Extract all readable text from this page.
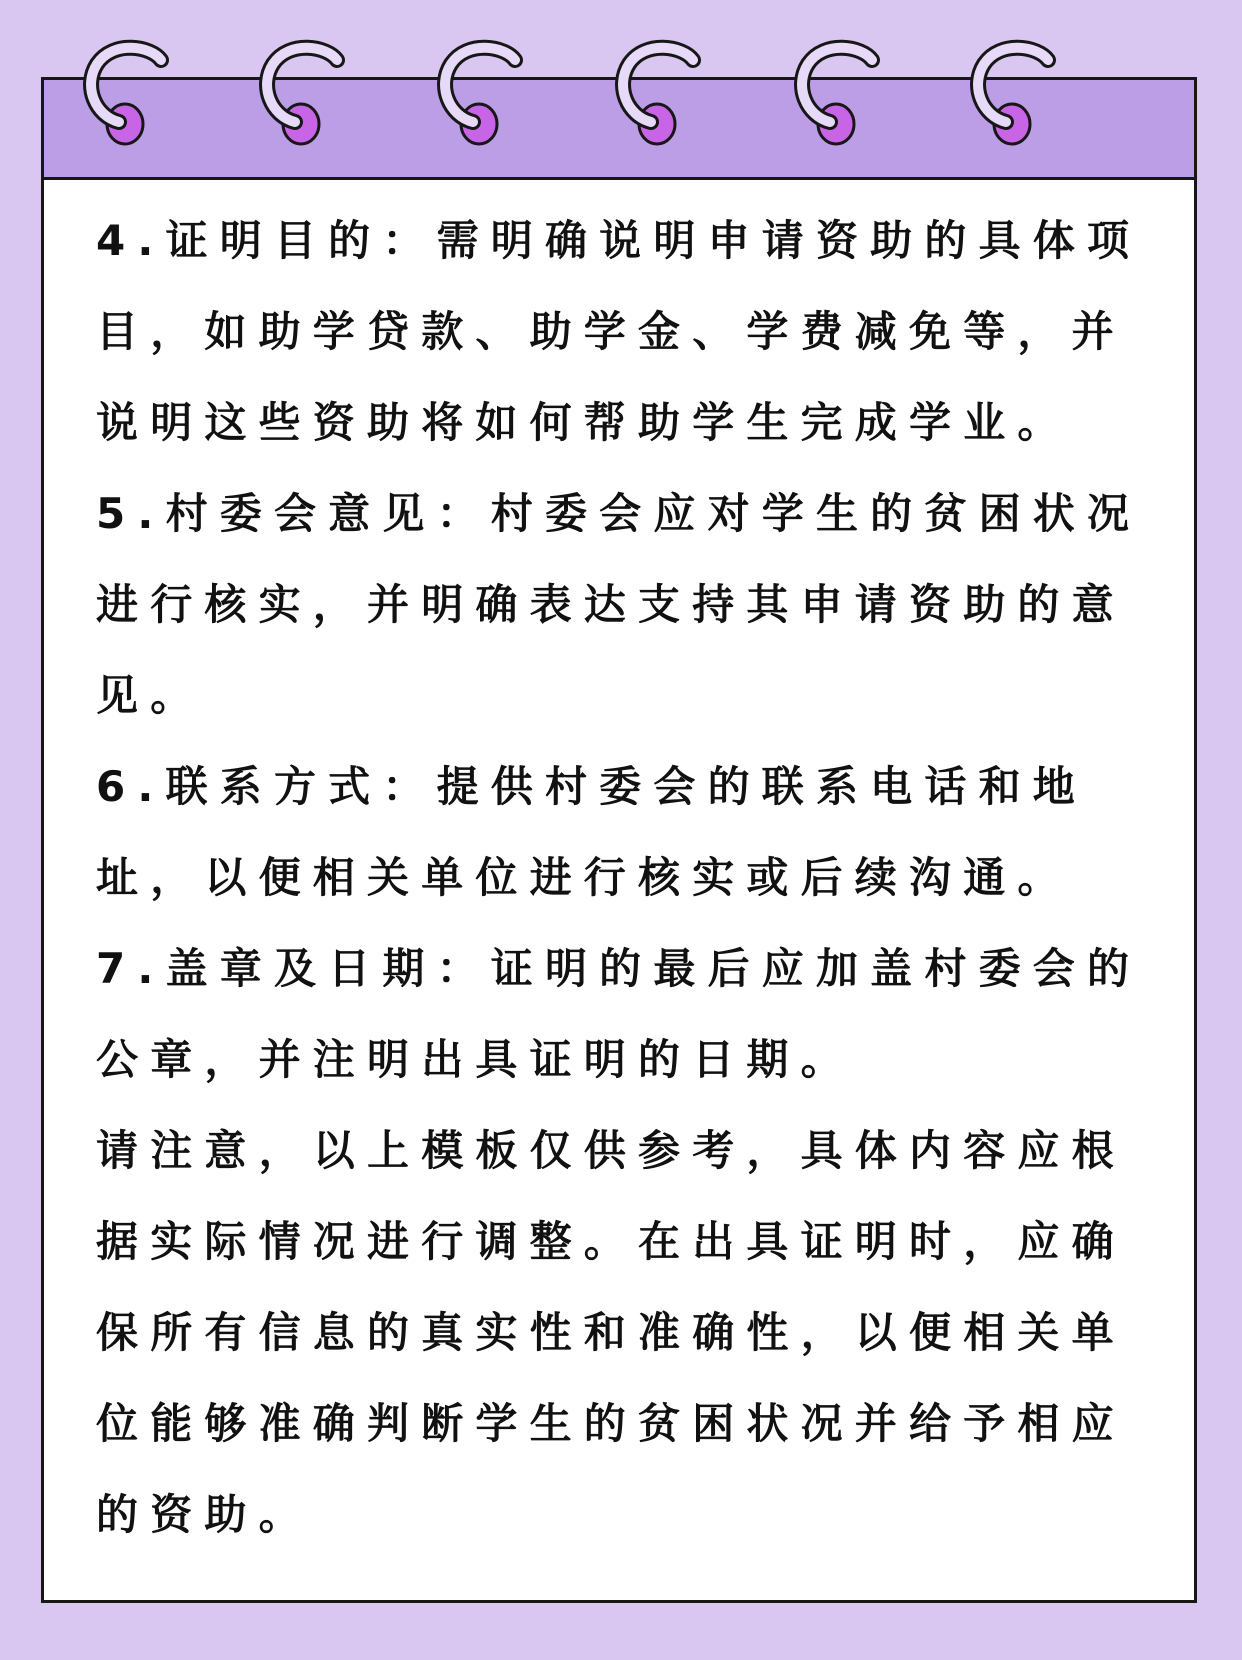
4.证明目的：需明确说明申请资助的具体项
目，如助学贷款、助学金、学费减免等，并
说明这些资助将如何帮助学生完成学业。

5.村委会意见：村委会应对学生的贫困状况
进行核实，并明确表达支持其申请资助的意
见。

6.联系方式：提供村委会的联系电话和地
址，以便相关单位进行核实或后续沟通。

7.盖章及日期：证明的最后应加盖村委会的
公章，并注明出具证明的日期。

请注意，以上模板仅供参考，具体内容应根
据实际情况进行调整。在出具证明时，应确
保所有信息的真实性和准确性，以便相关单
位能够准确判断学生的贫困状况并给予相应
的资助。
